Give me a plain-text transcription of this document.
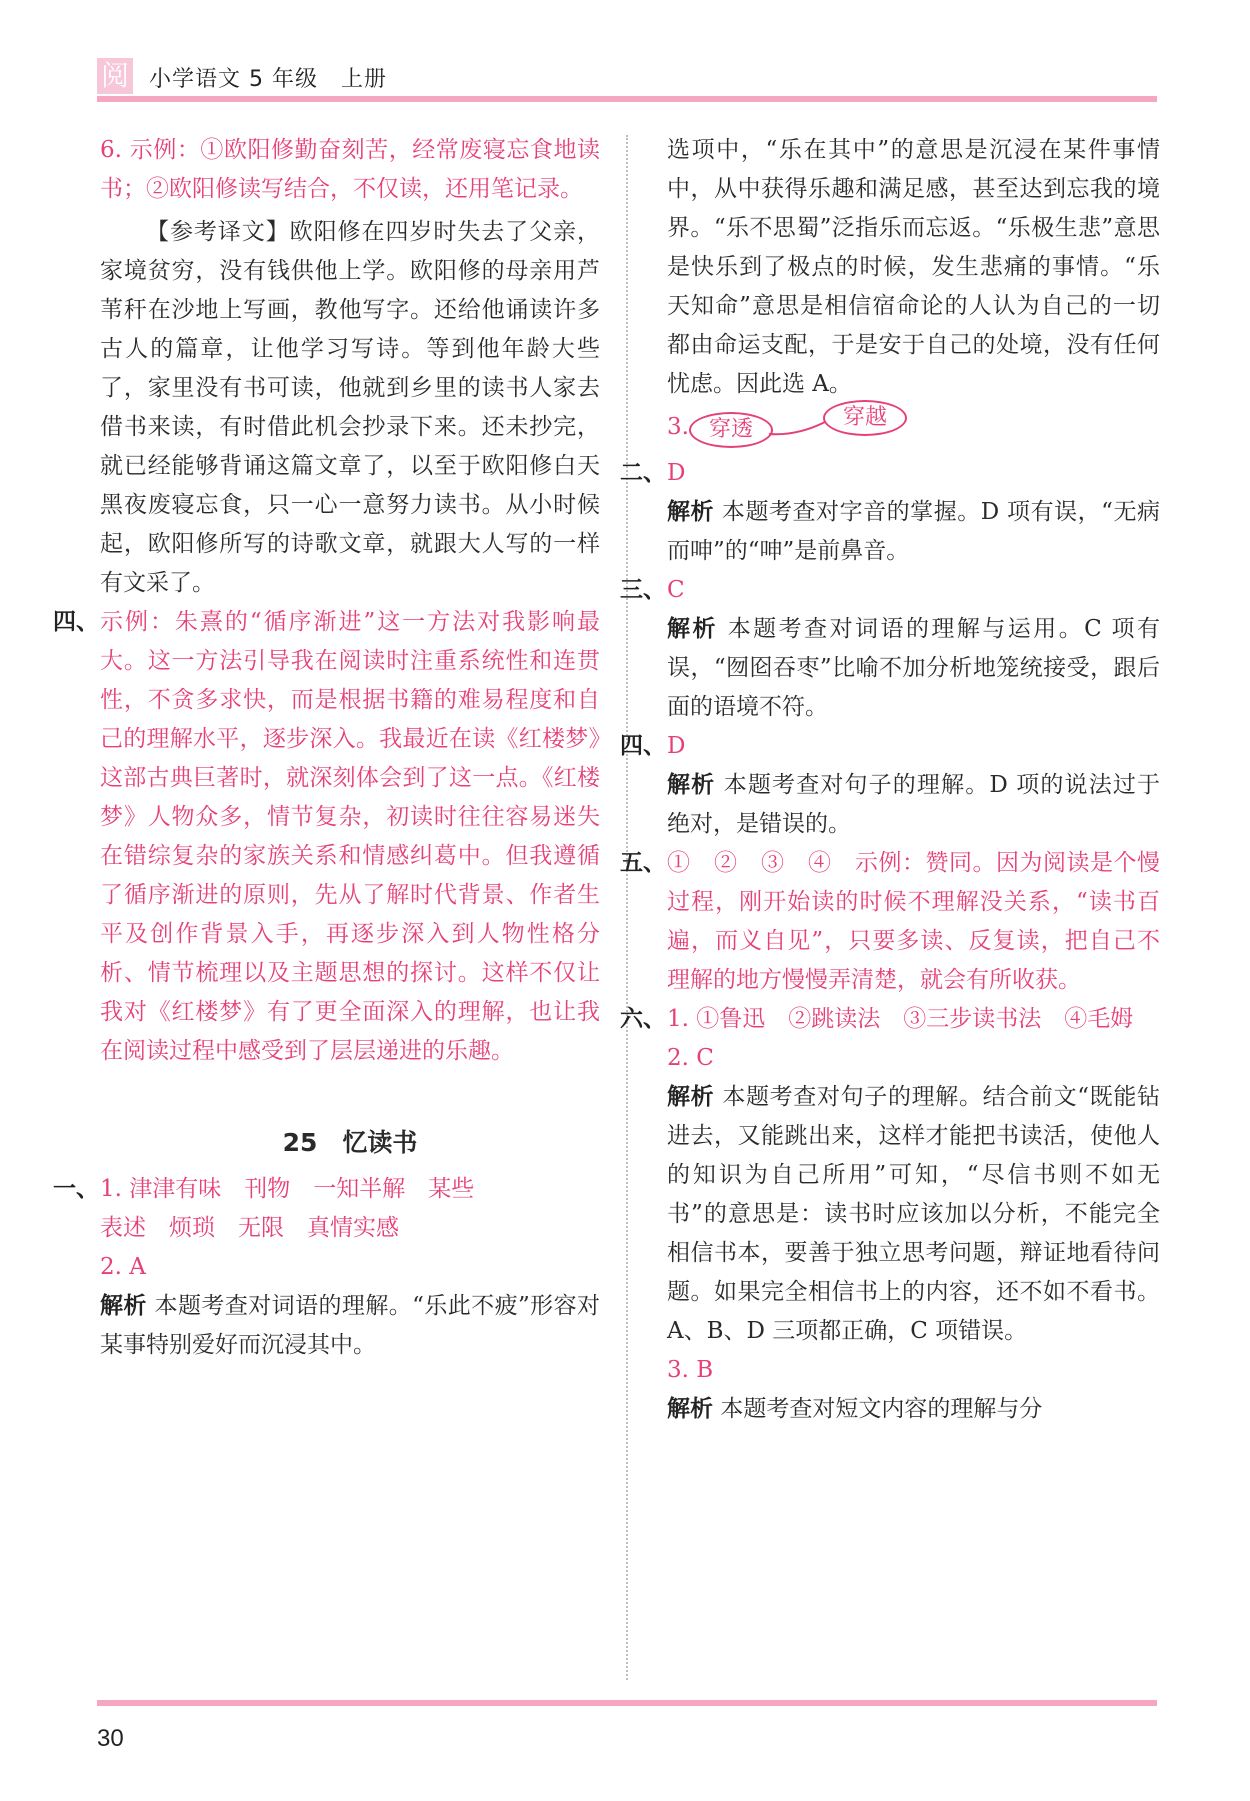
阅 小学语文 5 年级　上册

6. 示例：①欧阳修勤奋刻苦，经常废寝忘食地读书；②欧阳修读写结合，不仅读，还用笔记录。

【参考译文】欧阳修在四岁时失去了父亲，家境贫穷，没有钱供他上学。欧阳修的母亲用芦苇秆在沙地上写画，教他写字。还给他诵读许多古人的篇章，让他学习写诗。等到他年龄大些了，家里没有书可读，他就到乡里的读书人家去借书来读，有时借此机会抄录下来。还未抄完，就已经能够背诵这篇文章了，以至于欧阳修白天黑夜废寝忘食，只一心一意努力读书。从小时候起，欧阳修所写的诗歌文章，就跟大人写的一样有文采了。

四、 示例：朱熹的“循序渐进”这一方法对我影响最大。这一方法引导我在阅读时注重系统性和连贯性，不贪多求快，而是根据书籍的难易程度和自己的理解水平，逐步深入。我最近在读《红楼梦》这部古典巨著时，就深刻体会到了这一点。《红楼梦》人物众多，情节复杂，初读时往往容易迷失在错综复杂的家族关系和情感纠葛中。但我遵循了循序渐进的原则，先从了解时代背景、作者生平及创作背景入手，再逐步深入到人物性格分析、情节梳理以及主题思想的探讨。这样不仅让我对《红楼梦》有了更全面深入的理解，也让我在阅读过程中感受到了层层递进的乐趣。

25　忆读书
一、 1. 津津有味　刊物　一知半解　某些

表述　烦琐　无限　真情实感

2. A

解析 本题考查对词语的理解。“乐此不疲”形容对某事特别爱好而沉浸其中。

选项中，“乐在其中”的意思是沉浸在某件事情中，从中获得乐趣和满足感，甚至达到忘我的境界。“乐不思蜀”泛指乐而忘返。“乐极生悲”意思是快乐到了极点的时候，发生悲痛的事情。“乐天知命”意思是相信宿命论的人认为自己的一切都由命运支配，于是安于自己的处境，没有任何忧虑。因此选 A。

3. 穿透	穿越
二、 D

解析 本题考查对字音的掌握。D 项有误，“无病而呻”的“呻”是前鼻音。

三、 C

解析 本题考查对词语的理解与运用。C 项有误，“囫囵吞枣”比喻不加分析地笼统接受，跟后面的语境不符。

四、 D

解析 本题考查对句子的理解。D 项的说法过于绝对，是错误的。

五、 ①　②　③　④　示例：赞同。因为阅读是个慢过程，刚开始读的时候不理解没关系，“读书百遍，而义自见”，只要多读、反复读，把自己不理解的地方慢慢弄清楚，就会有所收获。

六、 1. ①鲁迅　②跳读法　③三步读书法　④毛姆

2. C

解析 本题考查对句子的理解。结合前文“既能钻进去，又能跳出来，这样才能把书读活，使他人的知识为自己所用”可知，“尽信书则不如无书”的意思是：读书时应该加以分析，不能完全相信书本，要善于独立思考问题，辩证地看待问题。如果完全相信书上的内容，还不如不看书。A、B、D 三项都正确，C 项错误。

3. B

解析 本题考查对短文内容的理解与分

30
